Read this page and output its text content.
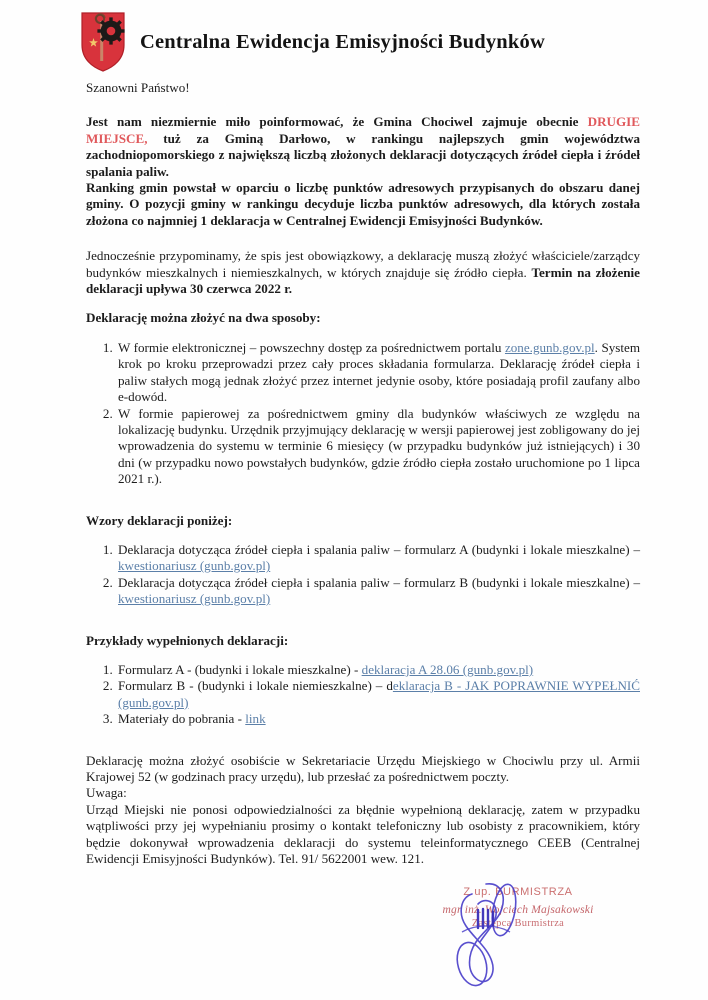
Centralna Ewidencja Emisyjności Budynków

Szanowni Państwo!

Jest nam niezmiernie miło poinformować, że Gmina Chociwel zajmuje obecnie DRUGIE MIEJSCE, tuż za Gminą Darłowo, w rankingu najlepszych gmin województwa zachodniopomorskiego z największą liczbą złożonych deklaracji dotyczących źródeł ciepła i źródeł spalania paliw.

Ranking gmin powstał w oparciu o liczbę punktów adresowych przypisanych do obszaru danej gminy. O pozycji gminy w rankingu decyduje liczba punktów adresowych, dla których została złożona co najmniej 1 deklaracja w Centralnej Ewidencji Emisyjności Budynków.

Jednocześnie przypominamy, że spis jest obowiązkowy, a deklarację muszą złożyć właściciele/zarządcy budynków mieszkalnych i niemieszkalnych, w których znajduje się źródło ciepła. Termin na złożenie deklaracji upływa 30 czerwca 2022 r.

Deklarację można złożyć na dwa sposoby:

1. W formie elektronicznej – powszechny dostęp za pośrednictwem portalu zone.gunb.gov.pl. System krok po kroku przeprowadzi przez cały proces składania formularza. Deklarację źródeł ciepła i paliw stałych mogą jednak złożyć przez internet jedynie osoby, które posiadają profil zaufany albo e-dowód.
2. W formie papierowej za pośrednictwem gminy dla budynków właściwych ze względu na lokalizację budynku. Urzędnik przyjmujący deklarację w wersji papierowej jest zobligowany do jej wprowadzenia do systemu w terminie 6 miesięcy (w przypadku budynków już istniejących) i 30 dni (w przypadku nowo powstałych budynków, gdzie źródło ciepła zostało uruchomione po 1 lipca 2021 r.).

Wzory deklaracji poniżej:

1. Deklaracja dotycząca źródeł ciepła i spalania paliw – formularz A (budynki i lokale mieszkalne) – kwestionariusz (gunb.gov.pl)
2. Deklaracja dotycząca źródeł ciepła i spalania paliw – formularz B (budynki i lokale mieszkalne) – kwestionariusz (gunb.gov.pl)

Przykłady wypełnionych deklaracji:

1. Formularz A - (budynki i lokale mieszkalne) - deklaracja A 28.06 (gunb.gov.pl)
2. Formularz B - (budynki i lokale niemieszkalne) – deklaracja B - JAK POPRAWNIE WYPEŁNIĆ (gunb.gov.pl)
3. Materiały do pobrania - link

Deklarację można złożyć osobiście w Sekretariacie Urzędu Miejskiego w Chociwlu przy ul. Armii Krajowej 52 (w godzinach pracy urzędu), lub przesłać za pośrednictwem poczty.

Uwaga:

Urząd Miejski nie ponosi odpowiedzialności za błędnie wypełnioną deklarację, zatem w przypadku wątpliwości przy jej wypełnianiu prosimy o kontakt telefoniczny lub osobisty z pracownikiem, który będzie dokonywał wprowadzenia deklaracji do systemu teleinformatycznego CEEB (Centralnej Ewidencji Emisyjności Budynków). Tel. 91/ 5622001 wew. 121.

Z up. BURMISTRZA
mgr inż. Wojciech Majsakowski
Zastępca Burmistrza
